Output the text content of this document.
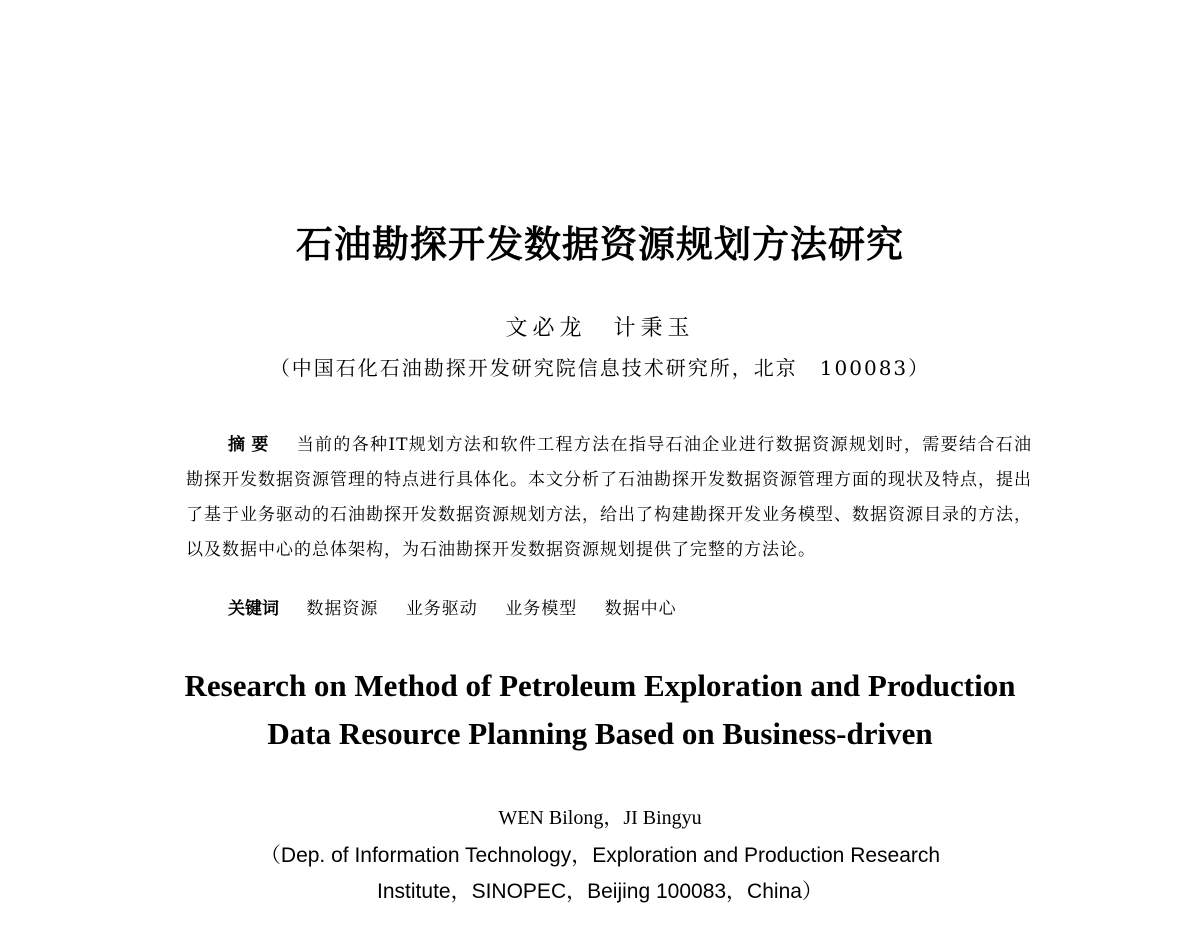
石油勘探开发数据资源规划方法研究
文必龙　计秉玉
（中国石化石油勘探开发研究院信息技术研究所，北京　100083）
摘要 当前的各种IT规划方法和软件工程方法在指导石油企业进行数据资源规划时，需要结合石油勘探开发数据资源管理的特点进行具体化。本文分析了石油勘探开发数据资源管理方面的现状及特点，提出了基于业务驱动的石油勘探开发数据资源规划方法，给出了构建勘探开发业务模型、数据资源目录的方法，以及数据中心的总体架构，为石油勘探开发数据资源规划提供了完整的方法论。
关键词 数据资源 业务驱动 业务模型 数据中心
Research on Method of Petroleum Exploration and Production
Data Resource Planning Based on Business-driven
WEN Bilong，JI Bingyu
（Dep. of Information Technology，Exploration and Production Research
Institute，SINOPEC，Beijing 100083，China）
